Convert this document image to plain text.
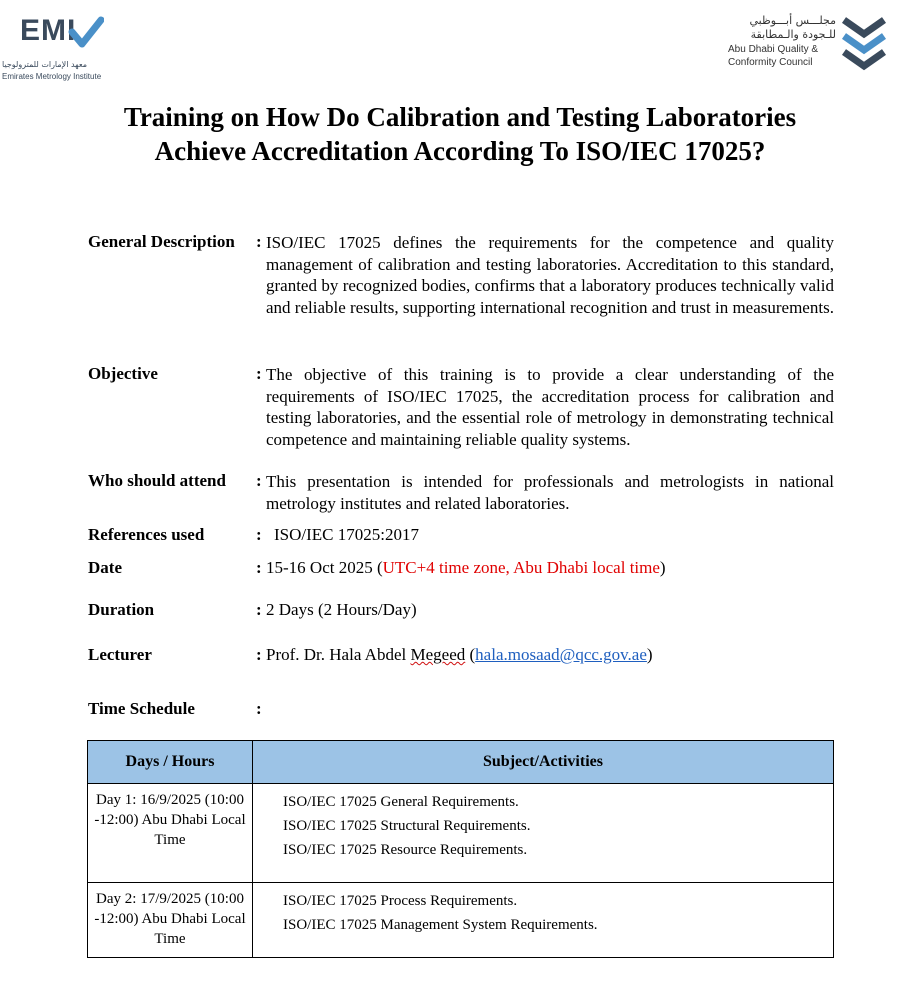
EMI
معهد الإمارات للمترولوجيا
Emirates Metrology Institute
مجلـــس أبـــوظبي
للـجودة والـمطابقة
Abu Dhabi Quality &
Conformity Council
Training on How Do Calibration and Testing Laboratories Achieve Accreditation According To ISO/IEC 17025?
General Description : ISO/IEC 17025 defines the requirements for the competence and quality management of calibration and testing laboratories. Accreditation to this standard, granted by recognized bodies, confirms that a laboratory produces technically valid and reliable results, supporting international recognition and trust in measurements.
Objective	: The objective of this training is to provide a clear understanding of the requirements of ISO/IEC 17025, the accreditation process for calibration and testing laboratories, and the essential role of metrology in demonstrating technical competence and maintaining reliable quality systems.
Who should attend : This presentation is intended for professionals and metrologists in national metrology institutes and related laboratories.
References used	: ISO/IEC 17025:2017
Date	: 15-16 Oct 2025 (UTC+4 time zone, Abu Dhabi local time)
Duration	: 2 Days (2 Hours/Day)
Lecturer	: Prof. Dr. Hala Abdel Megeed (hala.mosaad@qcc.gov.ae)
Time Schedule	:
Days / Hours	Subject/Activities
Day 1: 16/9/2025 (10:00 -12:00) Abu Dhabi Local Time	ISO/IEC 17025 General Requirements.
ISO/IEC 17025 Structural Requirements.
ISO/IEC 17025 Resource Requirements.

Day 2: 17/9/2025 (10:00 -12:00) Abu Dhabi Local Time	ISO/IEC 17025 Process Requirements.
ISO/IEC 17025 Management System Requirements.
